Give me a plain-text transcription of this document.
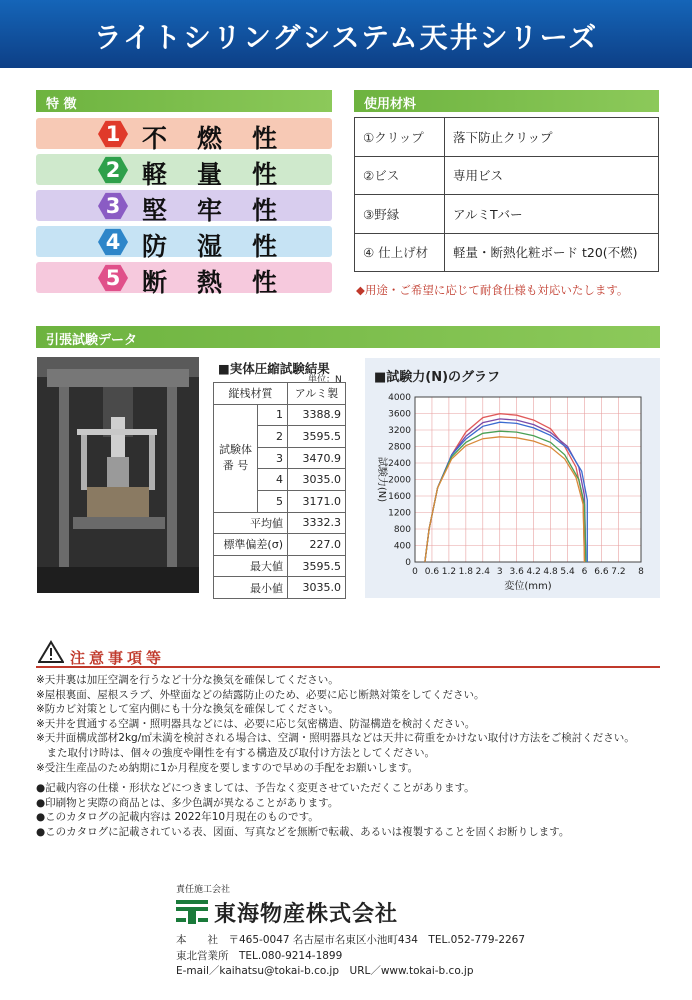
ライトシリングシステム天井シリーズ
特 徴
1 不燃性
2 軽量性
3 堅牢性
4 防湿性
5 断熱性
使用材料
①クリップ	落下防止クリップ
②ビス	専用ビス
③野縁	アルミTバー
④ 仕上げ材	軽量・断熱化粧ボード t20(不燃)
◆用途・ご希望に応じて耐食仕様も対応いたします。
引張試験データ
■実体圧縮試験結果
単位：N
縦桟材質		アルミ製
試験体番 号	1	3388.9
	2	3595.5
	3	3470.9
	4	3035.0
	5	3171.0
平均値		3332.3
標準偏差(σ)		227.0
最大値		3595.5
最小値		3035.0
■試験力(N)のグラフ
0
400
800
1200
1600
2000
2400
2800
3200
3600
4000
0 0.6 1.2 1.8 2.4 3 3.6 4.2 4.8 5.4 6 6.6 7.2 8
変位(mm)
試験力(N)
注意事項等
※天井裏は加圧空調を行うなど十分な換気を確保してください。
※屋根裏面、屋根スラブ、外壁面などの結露防止のため、必要に応じ断熱対策をしてください。
※防カビ対策として室内側にも十分な換気を確保してください。
※天井を貫通する空調・照明器具などには、必要に応じ気密構造、防湿構造を検討ください。
※天井面構成部材2kg/㎡未満を検討される場合は、空調・照明器具などは天井に荷重をかけない取付け方法をご検討ください。
　また取付け時は、個々の強度や剛性を有する構造及び取付け方法としてください。
※受注生産品のため納期に1か月程度を要しますので早めの手配をお願いします。
●記載内容の仕様・形状などにつきましては、予告なく変更させていただくことがあります。
●印刷物と実際の商品とは、多少色調が異なることがあります。
●このカタログの記載内容は 2022年10月現在のものです。
●このカタログに記載されている表、図面、写真などを無断で転載、あるいは複製することを固くお断りします。
責任施工会社
東海物産株式会社
本　　社　〒465-0047 名古屋市名東区小池町434　TEL.052-779-2267
東北営業所　TEL.080-9214-1899
E-mail／kaihatsu@tokai-b.co.jp　URL／www.tokai-b.co.jp
